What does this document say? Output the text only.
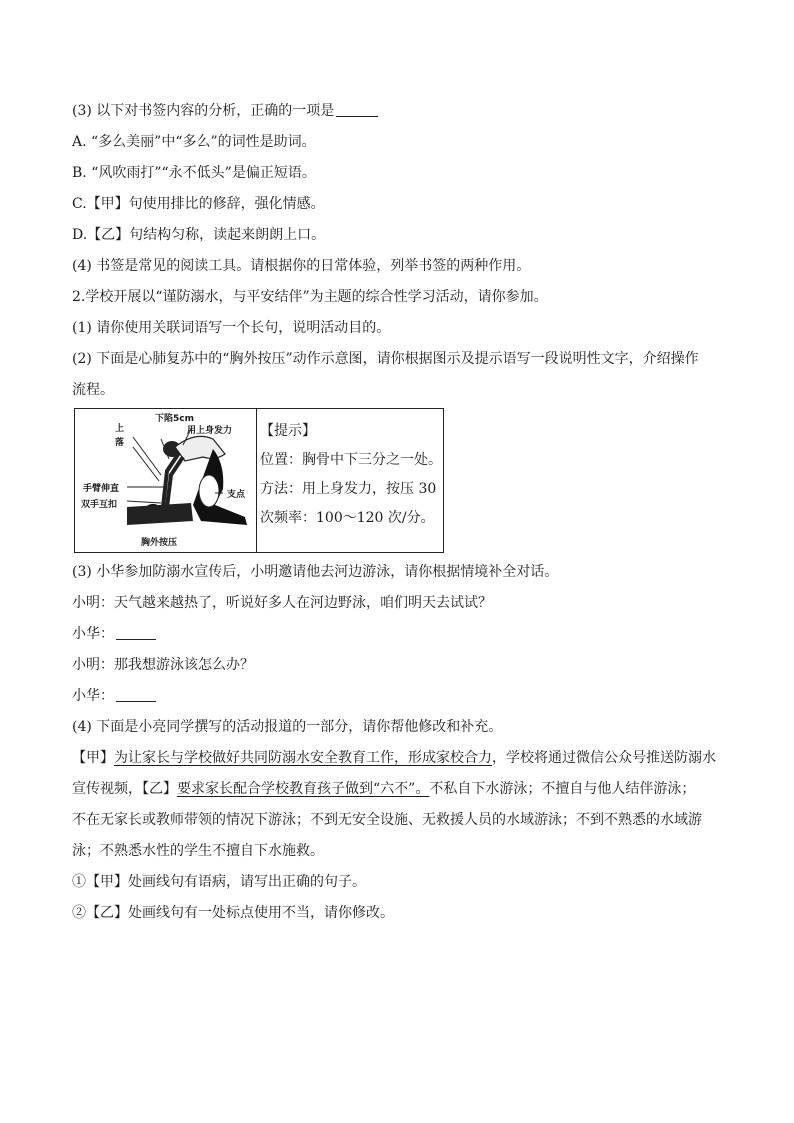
(3) 以下对书签内容的分析，正确的一项是
A. “多么美丽”中“多么”的词性是助词。
B. “风吹雨打”“永不低头”是偏正短语。
C.【甲】句使用排比的修辞，强化情感。
D.【乙】句结构匀称，读起来朗朗上口。
(4) 书签是常见的阅读工具。请根据你的日常体验，列举书签的两种作用。
2.学校开展以“谨防溺水，与平安结伴”为主题的综合性学习活动，请你参加。
(1) 请你使用关联词语写一个长句，说明活动目的。
(2) 下面是心肺复苏中的“胸外按压”动作示意图，请你根据图示及提示语写一段说明性文字，介绍操作
流程。
下陷5cm
上	用上身发力
落
手臂伸直
支点
双手互扣
胸外按压
【提示】
位置：胸骨中下三分之一处。
方法：用上身发力，按压 30
次频率：100～120 次/分。
(3) 小华参加防溺水宣传后，小明邀请他去河边游泳，请你根据情境补全对话。
小明：天气越来越热了，听说好多人在河边野泳，咱们明天去试试？
小华：
小明：那我想游泳该怎么办？
小华：
(4) 下面是小亮同学撰写的活动报道的一部分，请你帮他修改和补充。
【甲】为让家长与学校做好共同防溺水安全教育工作，形成家校合力，学校将通过微信公众号推送防溺水
宣传视频，【乙】要求家长配合学校教育孩子做到“六不”。不私自下水游泳；不擅自与他人结伴游泳；
不在无家长或教师带领的情况下游泳；不到无安全设施、无救援人员的水域游泳；不到不熟悉的水域游
泳；不熟悉水性的学生不擅自下水施救。
①【甲】处画线句有语病，请写出正确的句子。
②【乙】处画线句有一处标点使用不当，请你修改。
